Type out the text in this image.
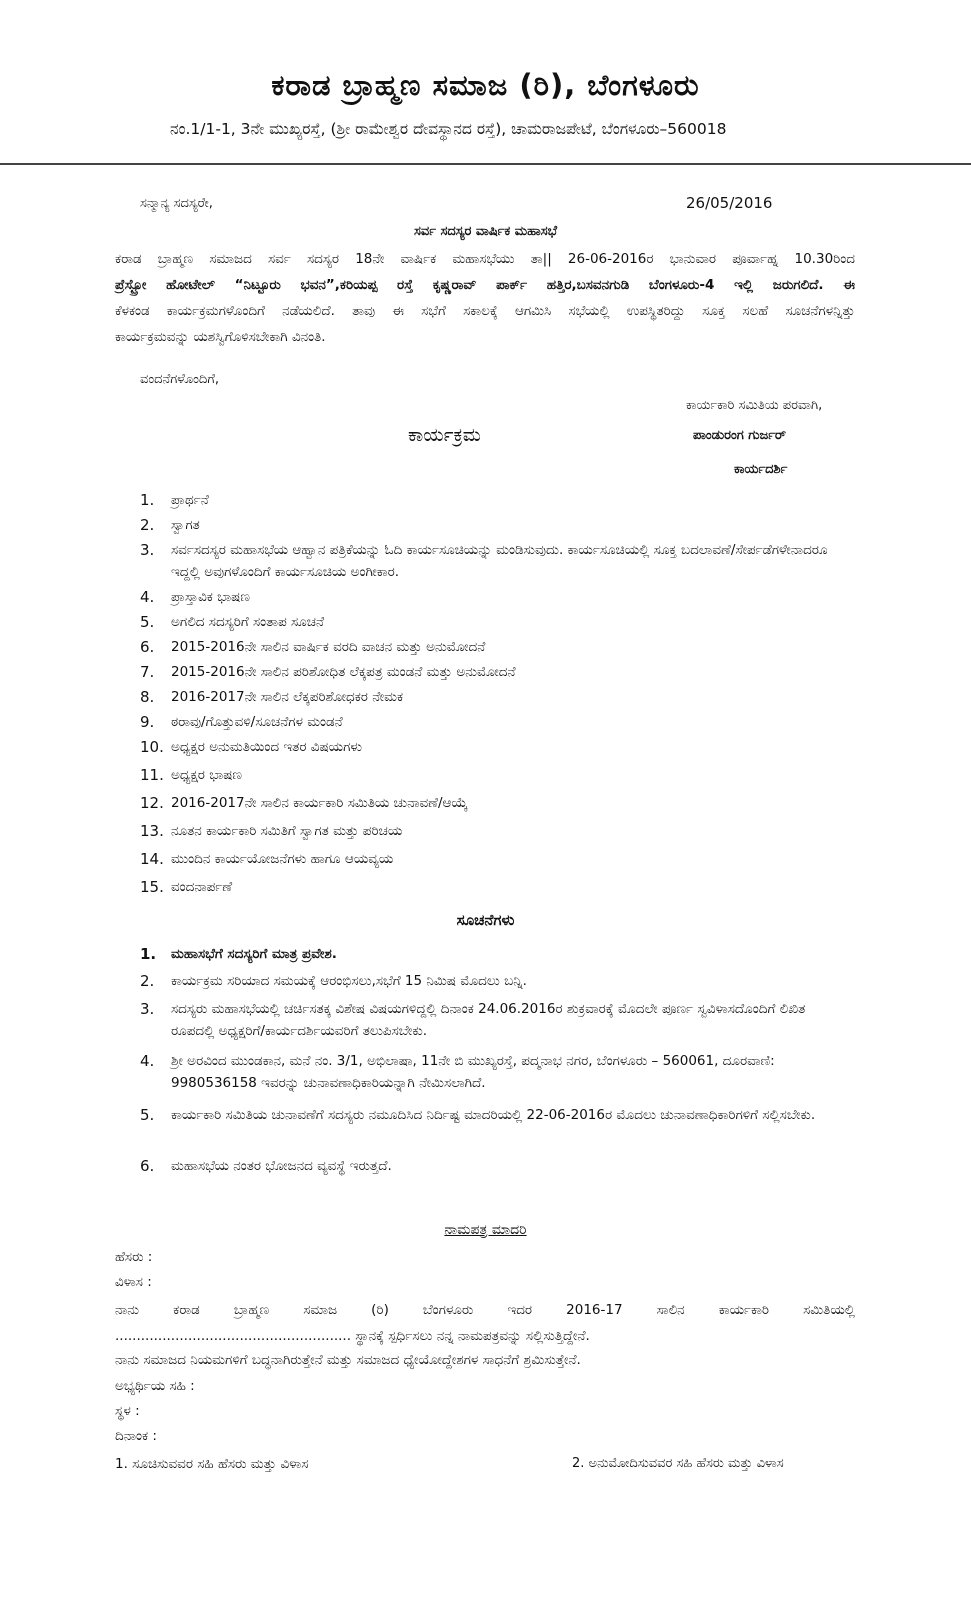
ಕರಾಡ ಬ್ರಾಹ್ಮಣ ಸಮಾಜ (ರಿ), ಬೆಂಗಳೂರು
ನಂ.1/1-1, 3ನೇ ಮುಖ್ಯರಸ್ತೆ, (ಶ್ರೀ ರಾಮೇಶ್ವರ ದೇವಸ್ಥಾನದ ರಸ್ತೆ), ಚಾಮರಾಜಪೇಟೆ, ಬೆಂಗಳೂರು–560018
ಸನ್ಮಾನ್ಯ ಸದಸ್ಯರೇ,	26/05/2016
ಸರ್ವ ಸದಸ್ಯರ ವಾರ್ಷಿಕ ಮಹಾಸಭೆ
ಕರಾಡ ಬ್ರಾಹ್ಮಣ ಸಮಾಜದ ಸರ್ವ ಸದಸ್ಯರ 18ನೇ ವಾರ್ಷಿಕ ಮಹಾಸಭೆಯು ತಾ|| 26-06-2016ರ ಭಾನುವಾರ ಪೂರ್ವಾಹ್ನ 10.30ರಿಂದ
ಪ್ರೆಸ್ಟ್ರೋ ಹೋಟೇಲ್ “ನಿಟ್ಟೂರು ಭವನ”,ಕರಿಯಪ್ಪ ರಸ್ತೆ ಕೃಷ್ಣರಾವ್ ಪಾರ್ಕ್ ಹತ್ತಿರ,ಬಸವನಗುಡಿ ಬೆಂಗಳೂರು-4 ಇಲ್ಲಿ ಜರುಗಲಿದೆ. ಈ
ಕೆಳಕಂಡ ಕಾರ್ಯಕ್ರಮಗಳೊಂದಿಗೆ ನಡೆಯಲಿದೆ. ತಾವು ಈ ಸಭೆಗೆ ಸಕಾಲಕ್ಕೆ ಆಗಮಿಸಿ ಸಭೆಯಲ್ಲಿ ಉಪಸ್ಥಿತರಿದ್ದು ಸೂಕ್ತ ಸಲಹೆ ಸೂಚನೆಗಳನ್ನಿತ್ತು
ಕಾರ್ಯಕ್ರಮವನ್ನು ಯಶಸ್ವಿಗೊಳಿಸಬೇಕಾಗಿ ವಿನಂತಿ.
ವಂದನೆಗಳೊಂದಿಗೆ,
ಕಾರ್ಯಕಾರಿ ಸಮಿತಿಯ ಪರವಾಗಿ,
ಕಾರ್ಯಕ್ರಮ	ಪಾಂಡುರಂಗ ಗುರ್ಜರ್
ಕಾರ್ಯದರ್ಶಿ
1. ಪ್ರಾರ್ಥನೆ
2. ಸ್ವಾಗತ
3. ಸರ್ವಸದಸ್ಯರ ಮಹಾಸಭೆಯ ಆಹ್ವಾನ ಪತ್ರಿಕೆಯನ್ನು ಓದಿ ಕಾರ್ಯಸೂಚಿಯನ್ನು ಮಂಡಿಸುವುದು. ಕಾರ್ಯಸೂಚಿಯಲ್ಲಿ ಸೂಕ್ತ ಬದಲಾವಣೆ/ಸೇರ್ಪಡೆಗಳೇನಾದರೂ ಇದ್ದಲ್ಲಿ ಅವುಗಳೊಂದಿಗೆ ಕಾರ್ಯಸೂಚಿಯ ಅಂಗೀಕಾರ.
4. ಪ್ರಾಸ್ತಾವಿಕ ಭಾಷಣ
5. ಅಗಲಿದ ಸದಸ್ಯರಿಗೆ ಸಂತಾಪ ಸೂಚನೆ
6. 2015-2016ನೇ ಸಾಲಿನ ವಾರ್ಷಿಕ ವರದಿ ವಾಚನ ಮತ್ತು ಅನುಮೋದನೆ
7. 2015-2016ನೇ ಸಾಲಿನ ಪರಿಶೋಧಿತ ಲೆಕ್ಕಪತ್ರ ಮಂಡನೆ ಮತ್ತು ಅನುಮೋದನೆ
8. 2016-2017ನೇ ಸಾಲಿನ ಲೆಕ್ಕಪರಿಶೋಧಕರ ನೇಮಕ
9. ಠರಾವು/ಗೊತ್ತುವಳಿ/ಸೂಚನೆಗಳ ಮಂಡನೆ
10. ಅಧ್ಯಕ್ಷರ ಅನುಮತಿಯಿಂದ ಇತರ ವಿಷಯಗಳು
11. ಅಧ್ಯಕ್ಷರ ಭಾಷಣ
12. 2016-2017ನೇ ಸಾಲಿನ ಕಾರ್ಯಕಾರಿ ಸಮಿತಿಯ ಚುನಾವಣೆ/ಆಯ್ಕೆ
13. ನೂತನ ಕಾರ್ಯಕಾರಿ ಸಮಿತಿಗೆ ಸ್ವಾಗತ ಮತ್ತು ಪರಿಚಯ
14. ಮುಂದಿನ ಕಾರ್ಯಯೋಜನೆಗಳು ಹಾಗೂ ಆಯವ್ಯಯ
15. ವಂದನಾರ್ಪಣೆ
ಸೂಚನೆಗಳು
1. ಮಹಾಸಭೆಗೆ ಸದಸ್ಯರಿಗೆ ಮಾತ್ರ ಪ್ರವೇಶ.
2. ಕಾರ್ಯಕ್ರಮ ಸರಿಯಾದ ಸಮಯಕ್ಕೆ ಆರಂಭಿಸಲು,ಸಭೆಗೆ 15 ನಿಮಿಷ ಮೊದಲು ಬನ್ನಿ.
3. ಸದಸ್ಯರು ಮಹಾಸಭೆಯಲ್ಲಿ ಚರ್ಚಿಸತಕ್ಕ ವಿಶೇಷ ವಿಷಯಗಳಿದ್ದಲ್ಲಿ ದಿನಾಂಕ 24.06.2016ರ ಶುಕ್ರವಾರಕ್ಕೆ ಮೊದಲೇ ಪೂರ್ಣ ಸ್ವವಿಳಾಸದೊಂದಿಗೆ ಲಿಖಿತ ರೂಪದಲ್ಲಿ ಅಧ್ಯಕ್ಷರಿಗೆ/ಕಾರ್ಯದರ್ಶಿಯವರಿಗೆ ತಲುಪಿಸಬೇಕು.
4. ಶ್ರೀ ಅರವಿಂದ ಮುಂಡಕಾನ, ಮನೆ ನಂ. 3/1, ಅಭಿಲಾಷಾ, 11ನೇ ಬಿ ಮುಖ್ಯರಸ್ತೆ, ಪದ್ಮನಾಭ ನಗರ, ಬೆಂಗಳೂರು – 560061, ದೂರವಾಣಿ: 9980536158 ಇವರನ್ನು ಚುನಾವಣಾಧಿಕಾರಿಯನ್ನಾಗಿ ನೇಮಿಸಲಾಗಿದೆ.
5. ಕಾರ್ಯಕಾರಿ ಸಮಿತಿಯ ಚುನಾವಣೆಗೆ ಸದಸ್ಯರು ನಮೂದಿಸಿದ ನಿರ್ದಿಷ್ಟ ಮಾದರಿಯಲ್ಲಿ 22-06-2016ರ ಮೊದಲು ಚುನಾವಣಾಧಿಕಾರಿಗಳಿಗೆ ಸಲ್ಲಿಸಬೇಕು.
6. ಮಹಾಸಭೆಯ ನಂತರ ಭೋಜನದ ವ್ಯವಸ್ಥೆ ಇರುತ್ತದೆ.
ನಾಮಪತ್ರ ಮಾದರಿ
ಹೆಸರು :
ವಿಳಾಸ :
ನಾನು ಕರಾಡ ಬ್ರಾಹ್ಮಣ ಸಮಾಜ (ರಿ) ಬೆಂಗಳೂರು ಇದರ 2016-17 ಸಾಲಿನ ಕಾರ್ಯಕಾರಿ ಸಮಿತಿಯಲ್ಲಿ
....................................................... ಸ್ಥಾನಕ್ಕೆ ಸ್ಪರ್ಧಿಸಲು ನನ್ನ ನಾಮಪತ್ರವನ್ನು ಸಲ್ಲಿಸುತ್ತಿದ್ದೇನೆ.
ನಾನು ಸಮಾಜದ ನಿಯಮಗಳಿಗೆ ಬದ್ಧನಾಗಿರುತ್ತೇನೆ ಮತ್ತು ಸಮಾಜದ ಧ್ಯೇಯೋದ್ದೇಶಗಳ ಸಾಧನೆಗೆ ಶ್ರಮಿಸುತ್ತೇನೆ.
ಅಭ್ಯರ್ಥಿಯ ಸಹಿ :
ಸ್ಥಳ :
ದಿನಾಂಕ :
1. ಸೂಚಿಸುವವರ ಸಹಿ ಹೆಸರು ಮತ್ತು ವಿಳಾಸ	2. ಅನುಮೋದಿಸುವವರ ಸಹಿ ಹೆಸರು ಮತ್ತು ವಿಳಾಸ
